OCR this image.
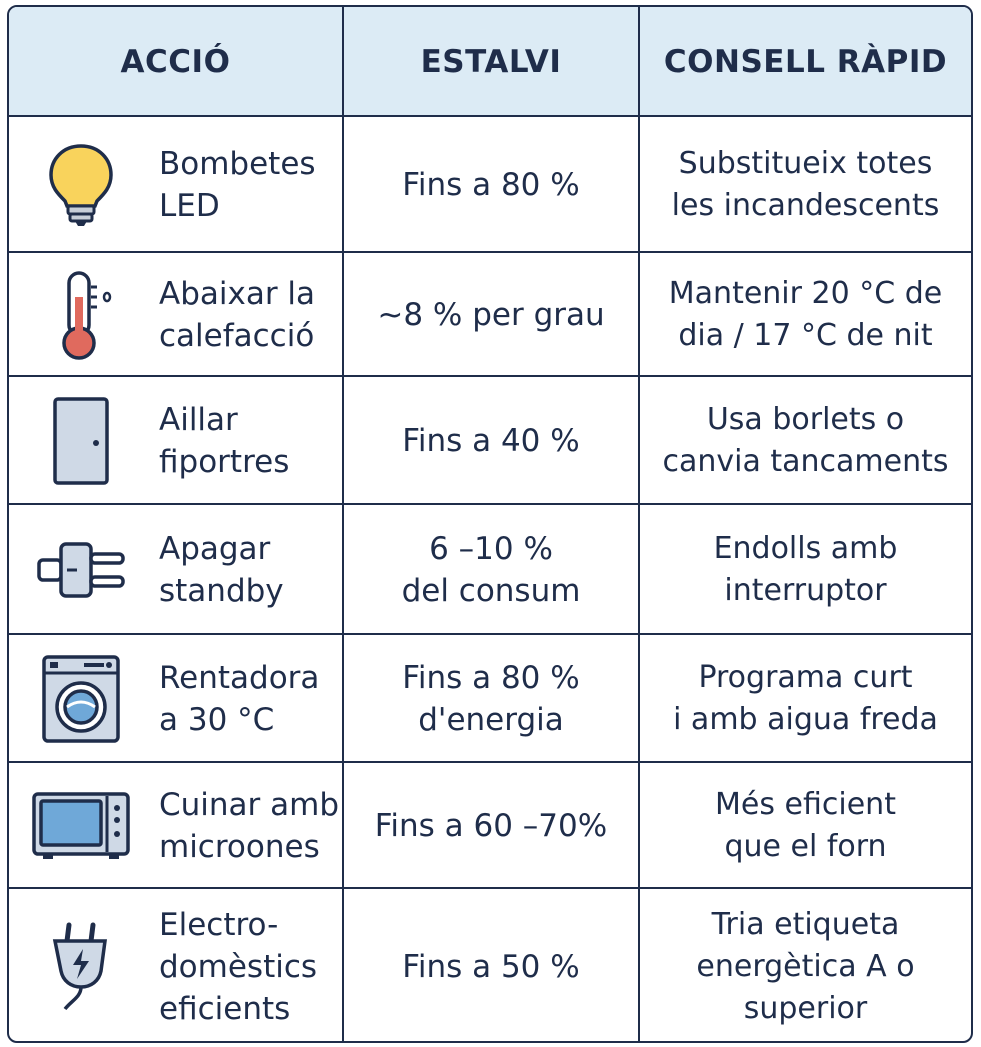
ACCIÓ	ESTALVI	CONSELL RÀPID
Bombetes
LED
Fins a 80 %
Substitueix totes
les incandescents
Abaixar la
calefacció
~8 % per grau
Mantenir 20 °C de
dia / 17 °C de nit
Aillar
fiportres
Fins a 40 %
Usa borlets o
canvia tancaments
Apagar
standby
6 –10 %
del consum
Endolls amb
interruptor
Rentadora
a 30 °C
Fins a 80 %
d'energia
Programa curt
i amb aigua freda
Cuinar amb
microones
Fins a 60 –70%
Més eficient
que el forn
Electro-
domèstics
eficients
Fins a 50 %
Tria etiqueta
energètica A o superior
